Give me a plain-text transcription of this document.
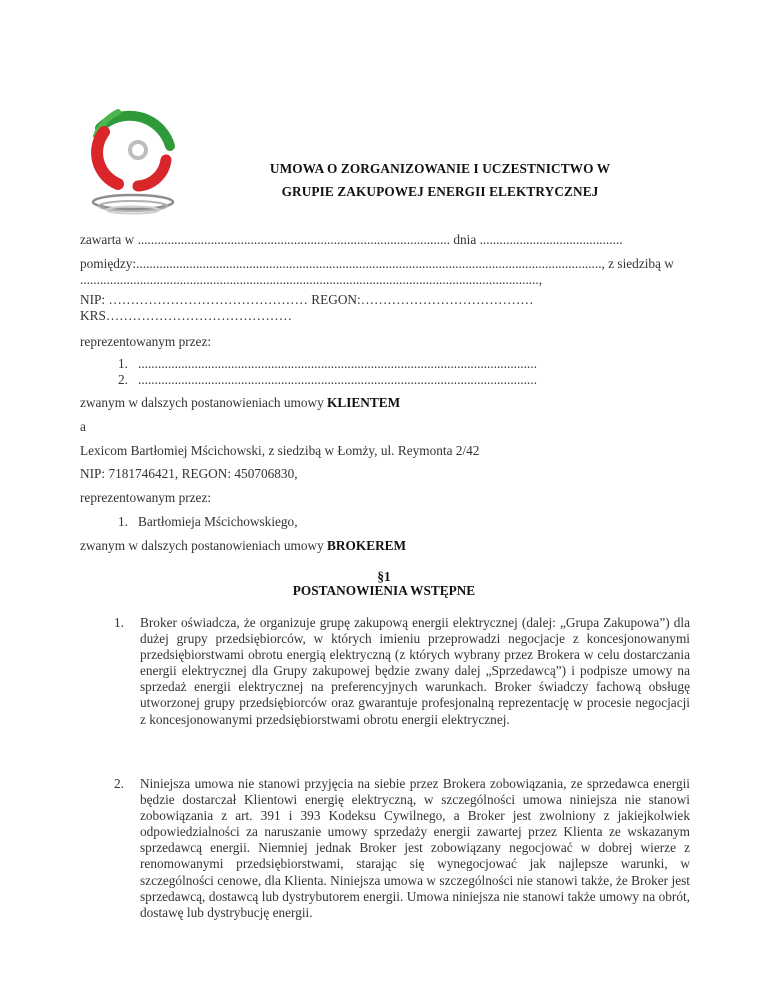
UMOWA O ZORGANIZOWANIE I UCZESTNICTWO W
GRUPIE ZAKUPOWEJ ENERGII ELEKTRYCZNEJ
zawarta w .............................................................................................. dnia ...........................................
pomiędzy:............................................................................................................................................, z siedzibą w ..........................................................................................................................................,
NIP: ……………………………………… REGON:………………………………… KRS……………………………………
reprezentowanym przez:
1. ........................................................................................................................
2. ........................................................................................................................
zwanym w dalszych postanowieniach umowy KLIENTEM
a
Lexicom Bartłomiej Mścichowski, z siedzibą w Łomży, ul. Reymonta 2/42
NIP: 7181746421, REGON: 450706830,
reprezentowanym przez:
1. Bartłomieja Mścichowskiego,
zwanym w dalszych postanowieniach umowy BROKEREM
§1
POSTANOWIENIA WSTĘPNE
1. Broker oświadcza, że organizuje grupę zakupową energii elektrycznej (dalej: „Grupa Zakupowa”) dla dużej grupy przedsiębiorców, w których imieniu przeprowadzi negocjacje z koncesjonowanymi przedsiębiorstwami obrotu energią elektryczną (z których wybrany przez Brokera w celu dostarczania energii elektrycznej dla Grupy zakupowej będzie zwany dalej „Sprzedawcą”) i podpisze umowy na sprzedaż energii elektrycznej na preferencyjnych warunkach. Broker świadczy fachową obsługę utworzonej grupy przedsiębiorców oraz gwarantuje profesjonalną reprezentację w procesie negocjacji z koncesjonowanymi przedsiębiorstwami obrotu energii elektrycznej.
2. Niniejsza umowa nie stanowi przyjęcia na siebie przez Brokera zobowiązania, ze sprzedawca energii będzie dostarczał Klientowi energię elektryczną, w szczególności umowa niniejsza nie stanowi zobowiązania z art. 391 i 393 Kodeksu Cywilnego, a Broker jest zwolniony z jakiejkolwiek odpowiedzialności za naruszanie umowy sprzedaży energii zawartej przez Klienta ze wskazanym sprzedawcą energii. Niemniej jednak Broker jest zobowiązany negocjować w dobrej wierze z renomowanymi przedsiębiorstwami, starając się wynegocjować jak najlepsze warunki, w szczególności cenowe, dla Klienta. Niniejsza umowa w szczególności nie stanowi także, że Broker jest sprzedawcą, dostawcą lub dystrybutorem energii. Umowa niniejsza nie stanowi także umowy na obrót, dostawę lub dystrybucję energii.
